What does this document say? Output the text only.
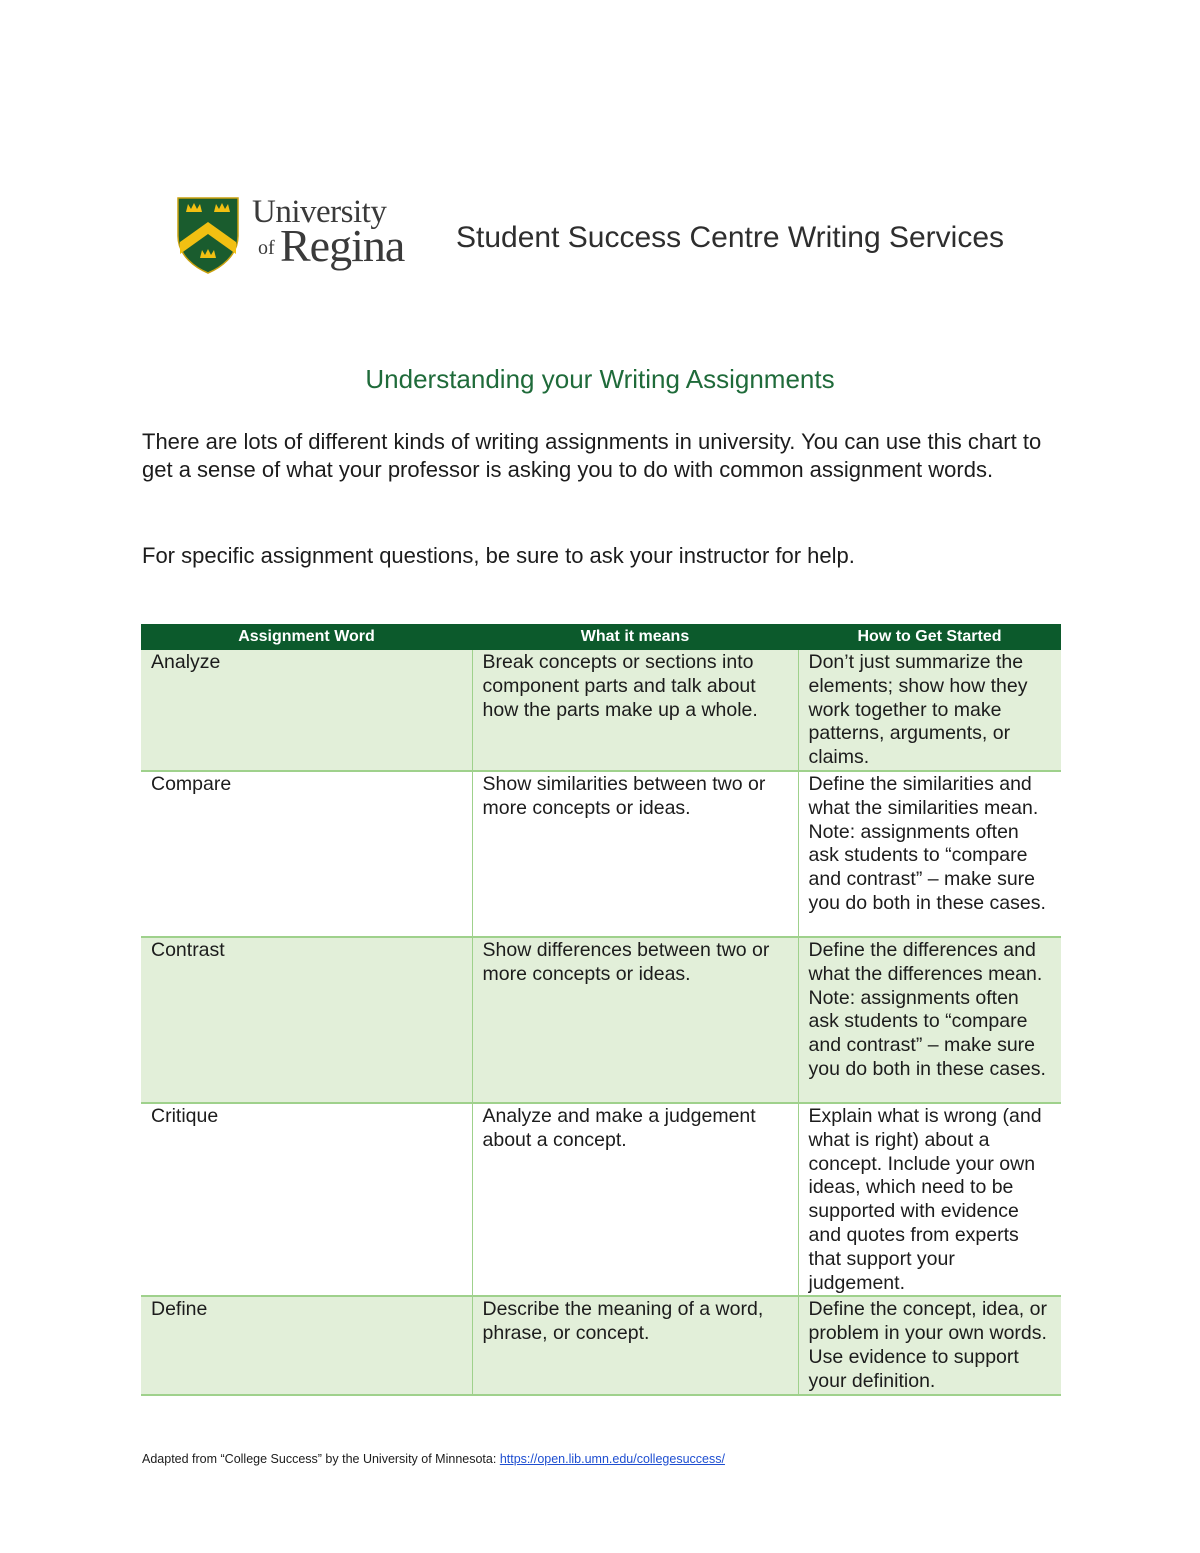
University
of Regina Student Success Centre Writing Services
Understanding your Writing Assignments
There are lots of different kinds of writing assignments in university. You can use this chart to get a sense of what your professor is asking you to do with common assignment words.
For specific assignment questions, be sure to ask your instructor for help.
Assignment Word	What it means	How to Get Started
Analyze	Break concepts or sections into component parts and talk about how the parts make up a whole.	Don’t just summarize the elements; show how they work together to make patterns, arguments, or claims.
Compare	Show similarities between two or more concepts or ideas.	Define the similarities and what the similarities mean. Note: assignments often ask students to “compare and contrast” – make sure you do both in these cases.
Contrast	Show differences between two or more concepts or ideas.	Define the differences and what the differences mean. Note: assignments often ask students to “compare and contrast” – make sure you do both in these cases.
Critique	Analyze and make a judgement about a concept.	Explain what is wrong (and what is right) about a concept. Include your own ideas, which need to be supported with evidence and quotes from experts that support your judgement.
Define	Describe the meaning of a word, phrase, or concept.	Define the concept, idea, or problem in your own words. Use evidence to support your definition.
Adapted from “College Success” by the University of Minnesota: https://open.lib.umn.edu/collegesuccess/
